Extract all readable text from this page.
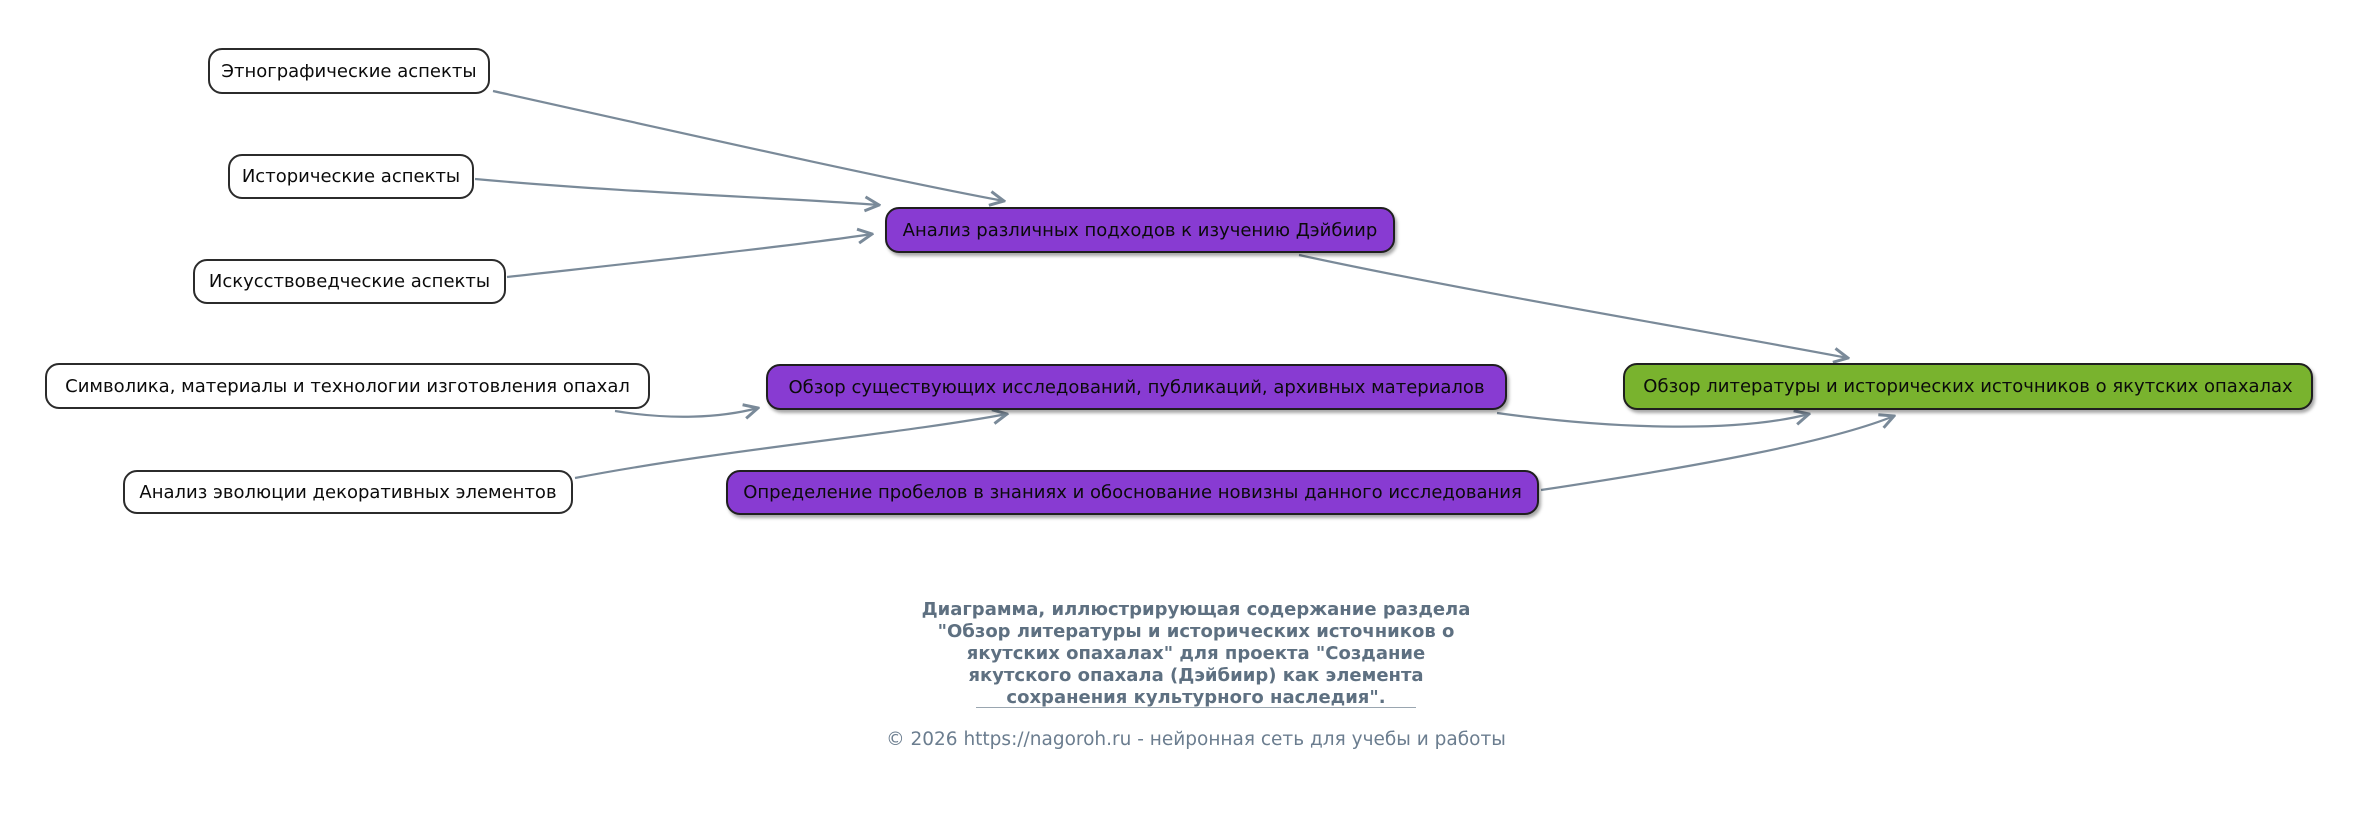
Этнографические аспекты
Исторические аспекты
Искусствоведческие аспекты
Символика, материалы и технологии изготовления опахал
Анализ эволюции декоративных элементов
Анализ различных подходов к изучению Дэйбиир
Обзор существующих исследований, публикаций, архивных материалов
Определение пробелов в знаниях и обоснование новизны данного исследования
Обзор литературы и исторических источников о якутских опахалах
Диаграмма, иллюстрирующая содержание раздела
"Обзор литературы и исторических источников о
якутских опахалах" для проекта "Создание
якутского опахала (Дэйбиир) как элемента
сохранения культурного наследия".
© 2026 https://nagoroh.ru - нейронная сеть для учебы и работы
